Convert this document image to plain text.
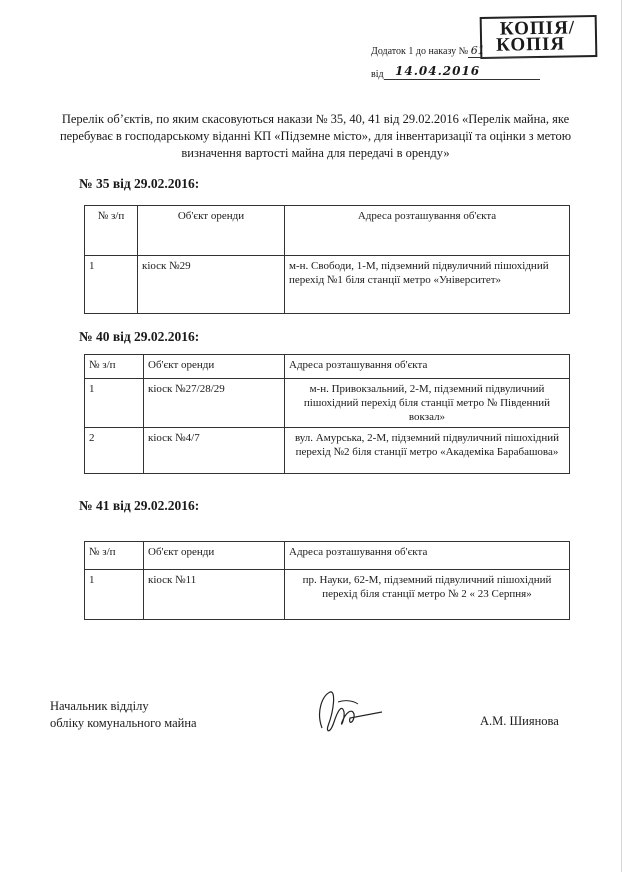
КОПІЯ/
КОПІЯ
Додаток 1 до наказу № 61
від 14.04.2016
Перелік об’єктів, по яким скасовуються накази № 35, 40, 41 від 29.02.2016 «Перелік майна, яке перебуває в господарському віданні КП «Підземне місто», для інвентаризації та оцінки з метою визначення вартості майна для передачі в оренду»
№ 35 від 29.02.2016:
№ з/п	Об'єкт оренди	Адреса розташування об'єкта
1	кіоск №29	м-н. Свободи, 1-М, підземний підвуличний пішохідний перехід №1 біля станції метро «Університет»
№ 40 від 29.02.2016:
№ з/п	Об'єкт оренди	Адреса розташування об'єкта
1	кіоск №27/28/29	м-н. Привокзальний, 2-М, підземний підвуличний пішохідний перехід біля станції метро № Південний вокзал»
2	кіоск №4/7	вул. Амурська, 2-М, підземний підвуличний пішохідний перехід №2 біля станції метро «Академіка Барабашова»
№ 41 від 29.02.2016:
№ з/п	Об'єкт оренди	Адреса розташування об'єкта
1	кіоск №11	пр. Науки, 62-М, підземний підвуличний пішохідний перехід біля станції метро № 2 « 23 Серпня»
Начальник відділу
обліку комунального майна	А.М. Шиянова
